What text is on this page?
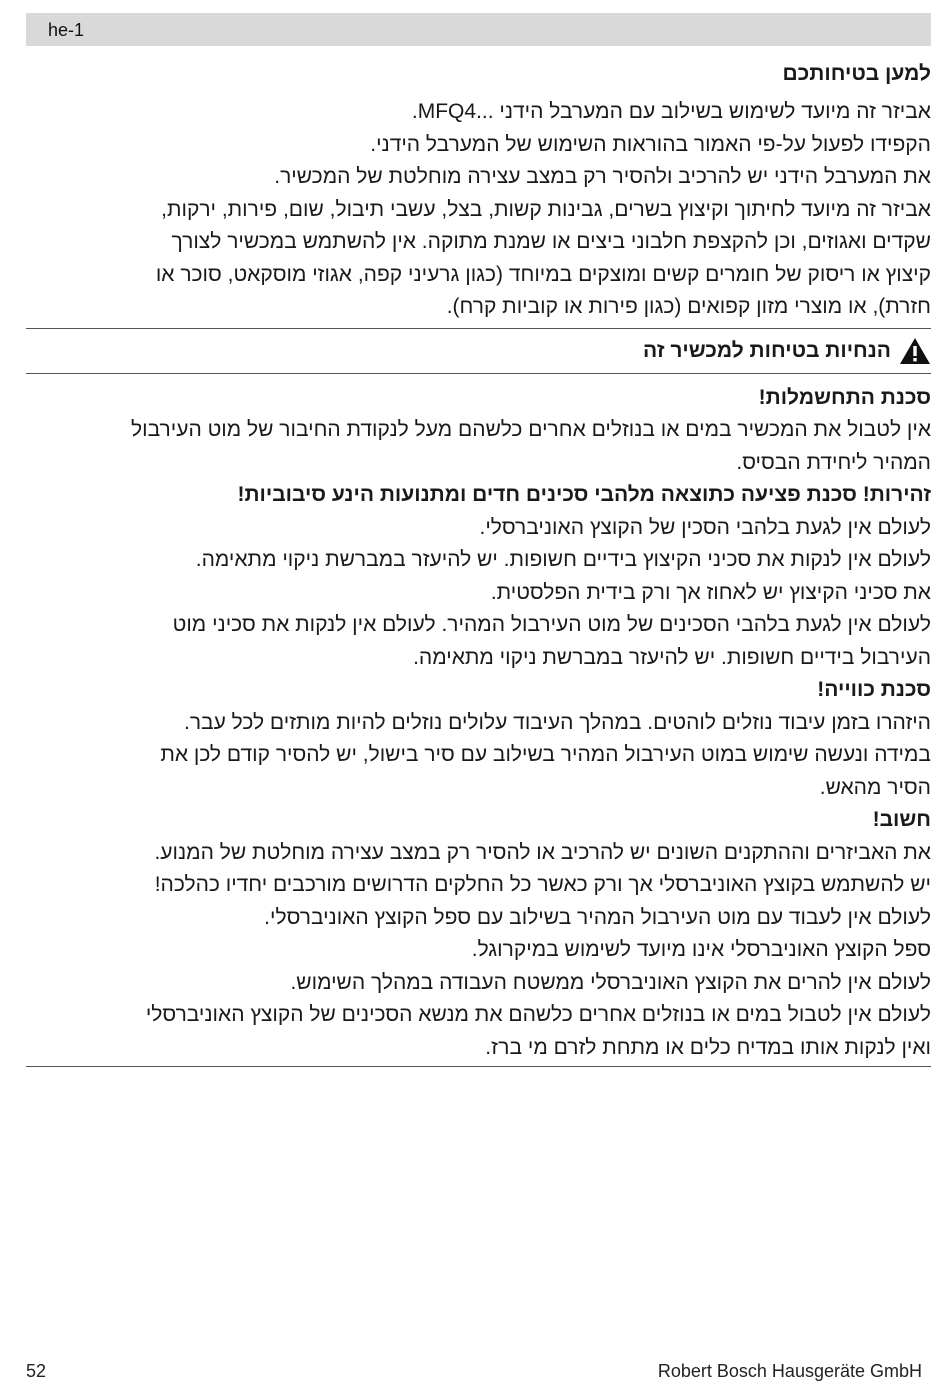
he-1
למען בטיחותכם

אביזר זה מיועד לשימוש בשילוב עם המערבל הידני ...MFQ4.

הקפידו לפעול על-פי האמור בהוראות השימוש של המערבל הידני.

את המערבל הידני יש להרכיב ולהסיר רק במצב עצירה מוחלטת של המכשיר.

אביזר זה מיועד לחיתוך וקיצוץ בשרים, גבינות קשות, בצל, עשבי תיבול, שום, פירות, ירקות,

שקדים ואגוזים, וכן להקצפת חלבוני ביצים או שמנת מתוקה. אין להשתמש במכשיר לצורך

קיצוץ או ריסוק של חומרים קשים ומוצקים במיוחד (כגון גרעיני קפה, אגוזי מוסקאט, סוכר או

חזרת), או מוצרי מזון קפואים (כגון פירות או קוביות קרח).

הנחיות בטיחות למכשיר זה

סכנת התחשמלות!

אין לטבול את המכשיר במים או בנוזלים אחרים כלשהם מעל לנקודת החיבור של מוט העירבול

המהיר ליחידת הבסיס.

זהירות! סכנת פציעה כתוצאה מלהבי סכינים חדים ומתנועות הינע סיבוביות!

לעולם אין לגעת בלהבי הסכין של הקוצץ האוניברסלי.

לעולם אין לנקות את סכיני הקיצוץ בידיים חשופות. יש להיעזר במברשת ניקוי מתאימה.

את סכיני הקיצוץ יש לאחוז אך ורק בידית הפלסטית.

לעולם אין לגעת בלהבי הסכינים של מוט העירבול המהיר. לעולם אין לנקות את סכיני מוט

העירבול בידיים חשופות. יש להיעזר במברשת ניקוי מתאימה.

סכנת כווייה!

היזהרו בזמן עיבוד נוזלים לוהטים. במהלך העיבוד עלולים נוזלים להיות מותזים לכל עבר.

במידה ונעשה שימוש במוט העירבול המהיר בשילוב עם סיר בישול, יש להסיר קודם לכן את

הסיר מהאש.

חשוב!

את האביזרים וההתקנים השונים יש להרכיב או להסיר רק במצב עצירה מוחלטת של המנוע.

יש להשתמש בקוצץ האוניברסלי אך ורק כאשר כל החלקים הדרושים מורכבים יחדיו כהלכה!

לעולם אין לעבוד עם מוט העירבול המהיר בשילוב עם ספל הקוצץ האוניברסלי.

ספל הקוצץ האוניברסלי אינו מיועד לשימוש במיקרוגל.

לעולם אין להרים את הקוצץ האוניברסלי ממשטח העבודה במהלך השימוש.

לעולם אין לטבול במים או בנוזלים אחרים כלשהם את מנשא הסכינים של הקוצץ האוניברסלי

ואין לנקות אותו במדיח כלים או מתחת לזרם מי ברז.

52	Robert Bosch Hausgeräte GmbH
